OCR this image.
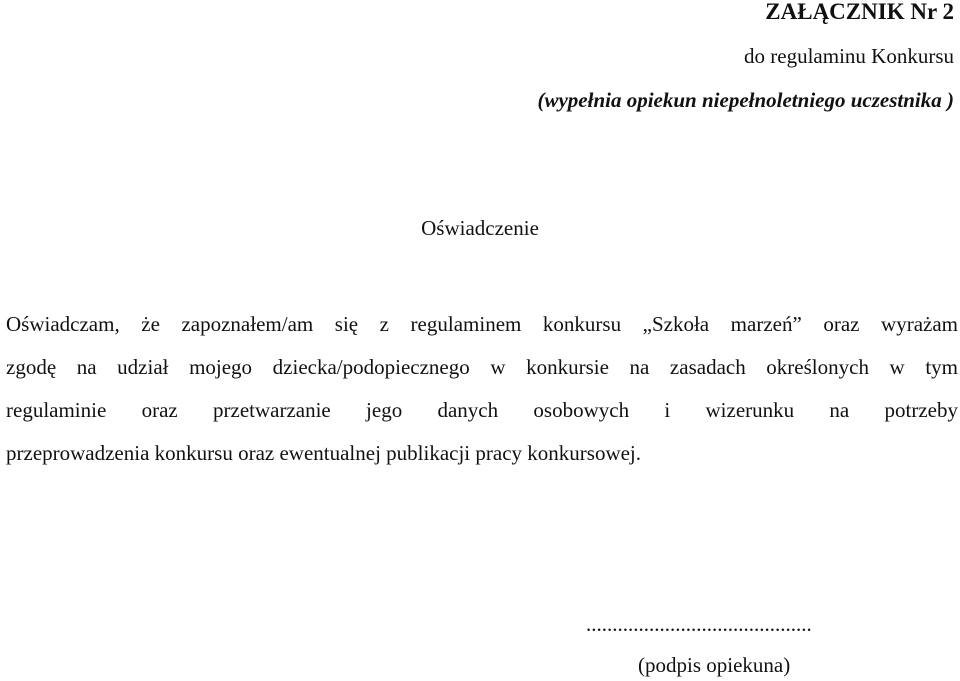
ZAŁĄCZNIK Nr 2
do regulaminu Konkursu
(wypełnia opiekun niepełnoletniego uczestnika )
Oświadczenie
Oświadczam, że zapoznałem/am się z regulaminem konkursu „Szkoła marzeń” oraz wyrażam
zgodę na udział mojego dziecka/podopiecznego w konkursie na zasadach określonych w tym
regulaminie oraz przetwarzanie jego danych osobowych i wizerunku na potrzeby
przeprowadzenia konkursu oraz ewentualnej publikacji pracy konkursowej.
...........................................
(podpis opiekuna)
